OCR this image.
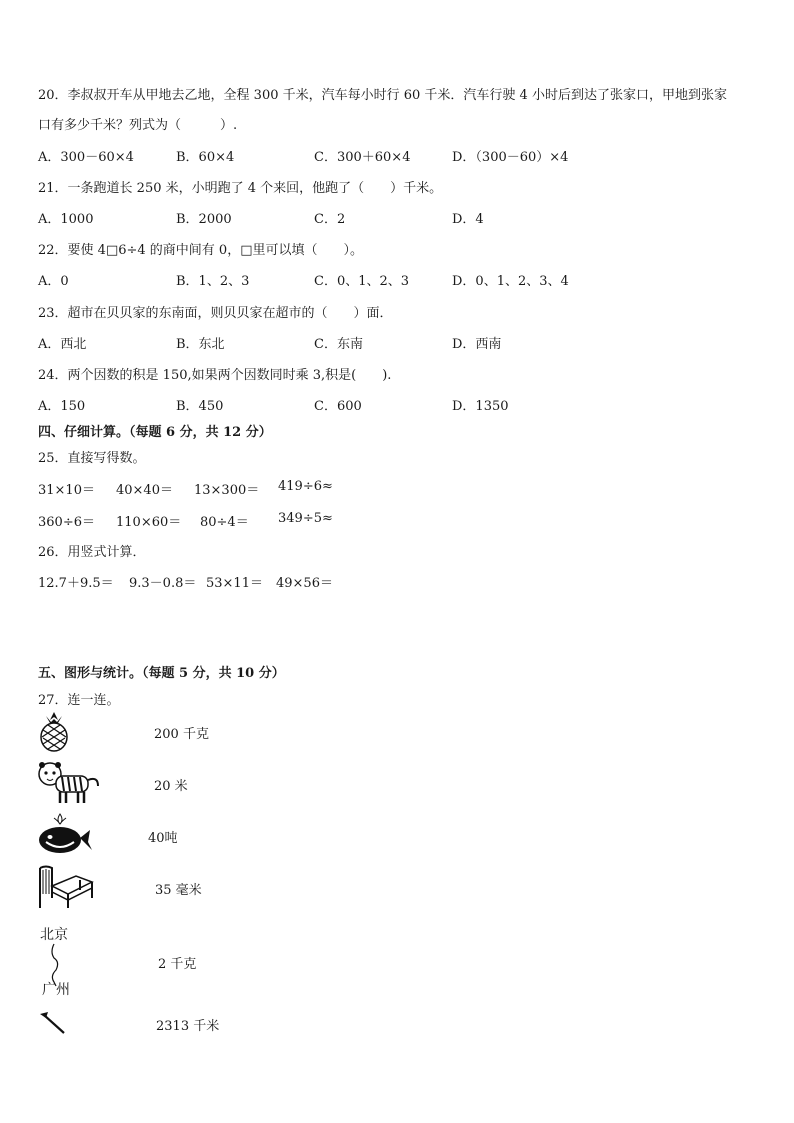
20．李叔叔开车从甲地去乙地，全程 300 千米，汽车每小时行 60 千米．汽车行驶 4 小时后到达了张家口，甲地到张家
口有多少千米？列式为（　　　）.
A．300－60×4	B．60×4	C．300＋60×4	D．（300－60）×4
21．一条跑道长 250 米，小明跑了 4 个来回，他跑了（　　）千米。
A．1000	B．2000	C．2	D．4
22．要使 4□6÷4 的商中间有 0，□里可以填（　　）。
A．0	B．1、2、3	C．0、1、2、3	D．0、1、2、3、4
23．超市在贝贝家的东南面，则贝贝家在超市的（　　）面．
A．西北	B．东北	C．东南	D．西南
24．两个因数的积是 150,如果两个因数同时乘 3,积是(　　).
A．150	B．450	C．600	D．1350
四、仔细计算。（每题 6 分，共 12 分）
25．直接写得数。
31×10＝ 40×40＝ 13×300＝ 419÷6≈
360÷6＝ 110×60＝ 80÷4＝ 349÷5≈
26．用竖式计算．
12.7＋9.5＝ 9.3－0.8＝ 53×11＝ 49×56＝
五、图形与统计。（每题 5 分，共 10 分）
27．连一连。
200 千克
20 米
40吨
35 毫米
北京
广州
2 千克
2313 千米
